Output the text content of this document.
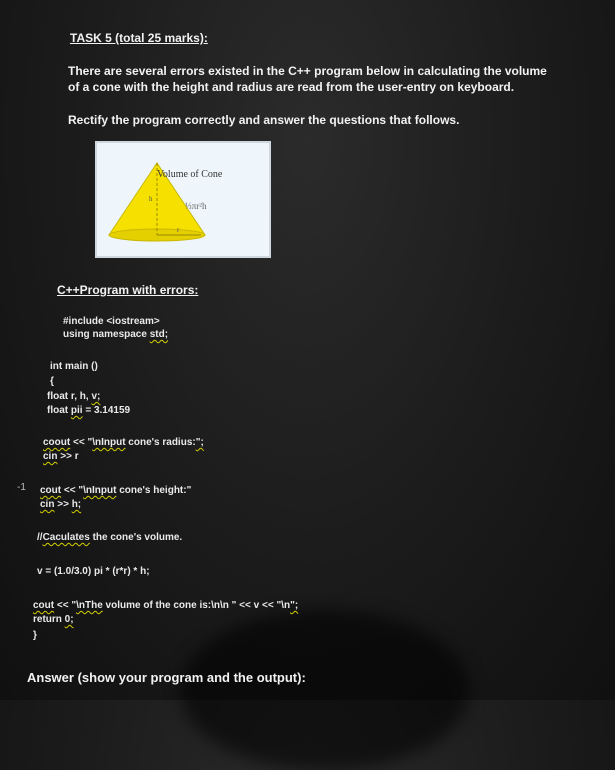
TASK 5 (total 25 marks):
There are several errors existed in the C++ program below in calculating the volume
of a cone with the height and radius are read from the user-entry on keyboard.
Rectify the program correctly and answer the questions that follows.
h
r
⅓πr²h
Volume of Cone
C++Program with errors:
#include <iostream>
using namespace std;
int main ()
{
float r, h, v;
float pii = 3.14159
coout << "\nInput cone's radius:";
cin >> r
-1 cout << "\nInput cone's height:"
cin >> h;
//Caculates the cone's volume.
v = (1.0/3.0) pi * (r*r) * h;
cout << "\nThe volume of the cone is:\n\n " << v << "\n";
return 0;
}
Answer (show your program and the output):
